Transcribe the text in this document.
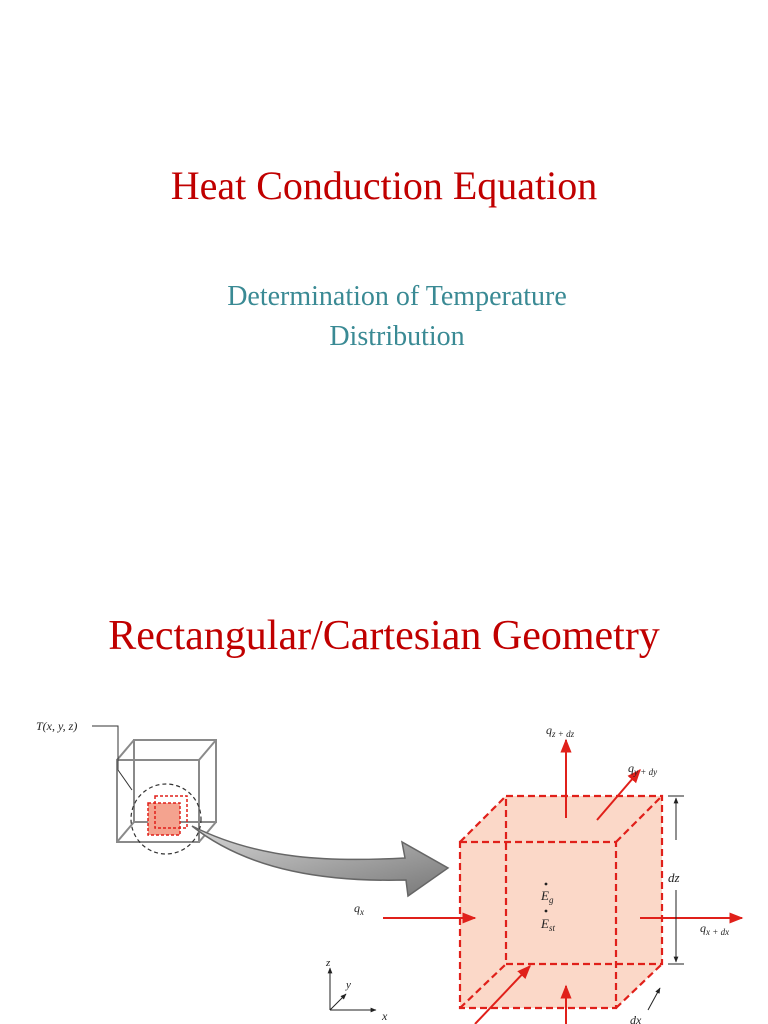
Heat Conduction Equation
Determination of Temperature
Distribution
Rectangular/Cartesian Geometry
T(x, y, z)
dz
dx
$q_{z + dz}$
$q_{y + dy}$
$q_x$
$q_{x + dx}$
$E_g$
$E_{st}$
z
y
x
